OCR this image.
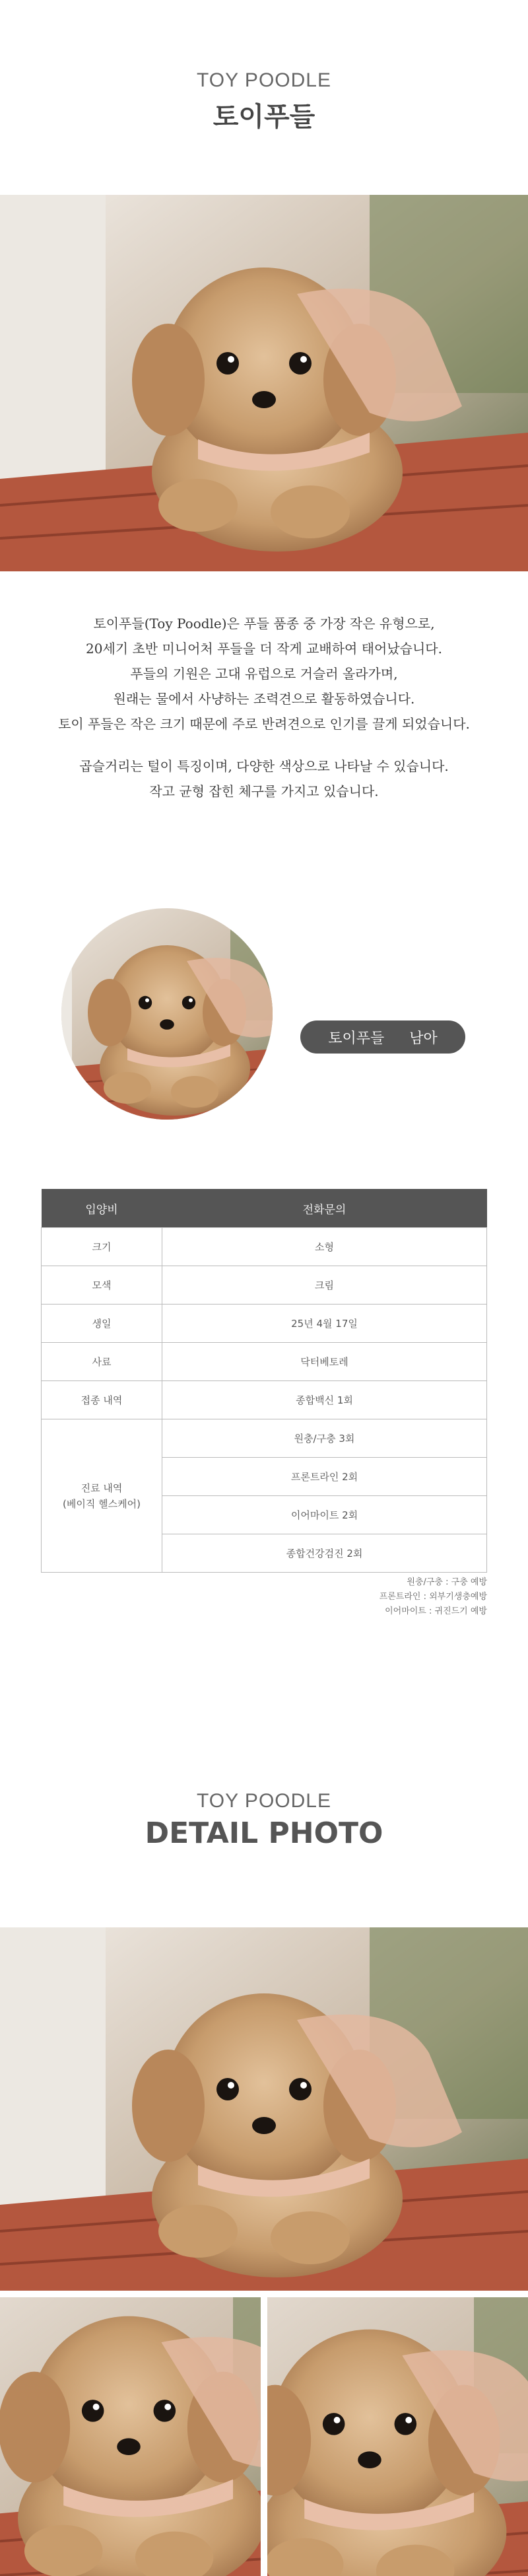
TOY POODLE
토이푸들

토이푸들(Toy Poodle)은 푸들 품종 중 가장 작은 유형으로,

20세기 초반 미니어처 푸들을 더 작게 교배하여 태어났습니다.

푸들의 기원은 고대 유럽으로 거슬러 올라가며,

원래는 물에서 사냥하는 조력견으로 활동하였습니다.

토이 푸들은 작은 크기 때문에 주로 반려견으로 인기를 끌게 되었습니다.

곱슬거리는 털이 특징이며, 다양한 색상으로 나타날 수 있습니다.

작고 균형 잡힌 체구를 가지고 있습니다.

토이푸들 남아
입양비	전화문의
크기	소형
모색	크림
생일	25년 4월 17일
사료	닥터베토레
접종 내역	종합백신 1회
진료 내역
(베이직 헬스케어)	원충/구충 3회
	프론트라인 2회
	이어마이트 2회
	종합건강검진 2회
원충/구충 : 구충 예방
프론트라인 : 외부기생충예방
이어마이트 : 귀진드기 예방
TOY POODLE
DETAIL PHOTO
